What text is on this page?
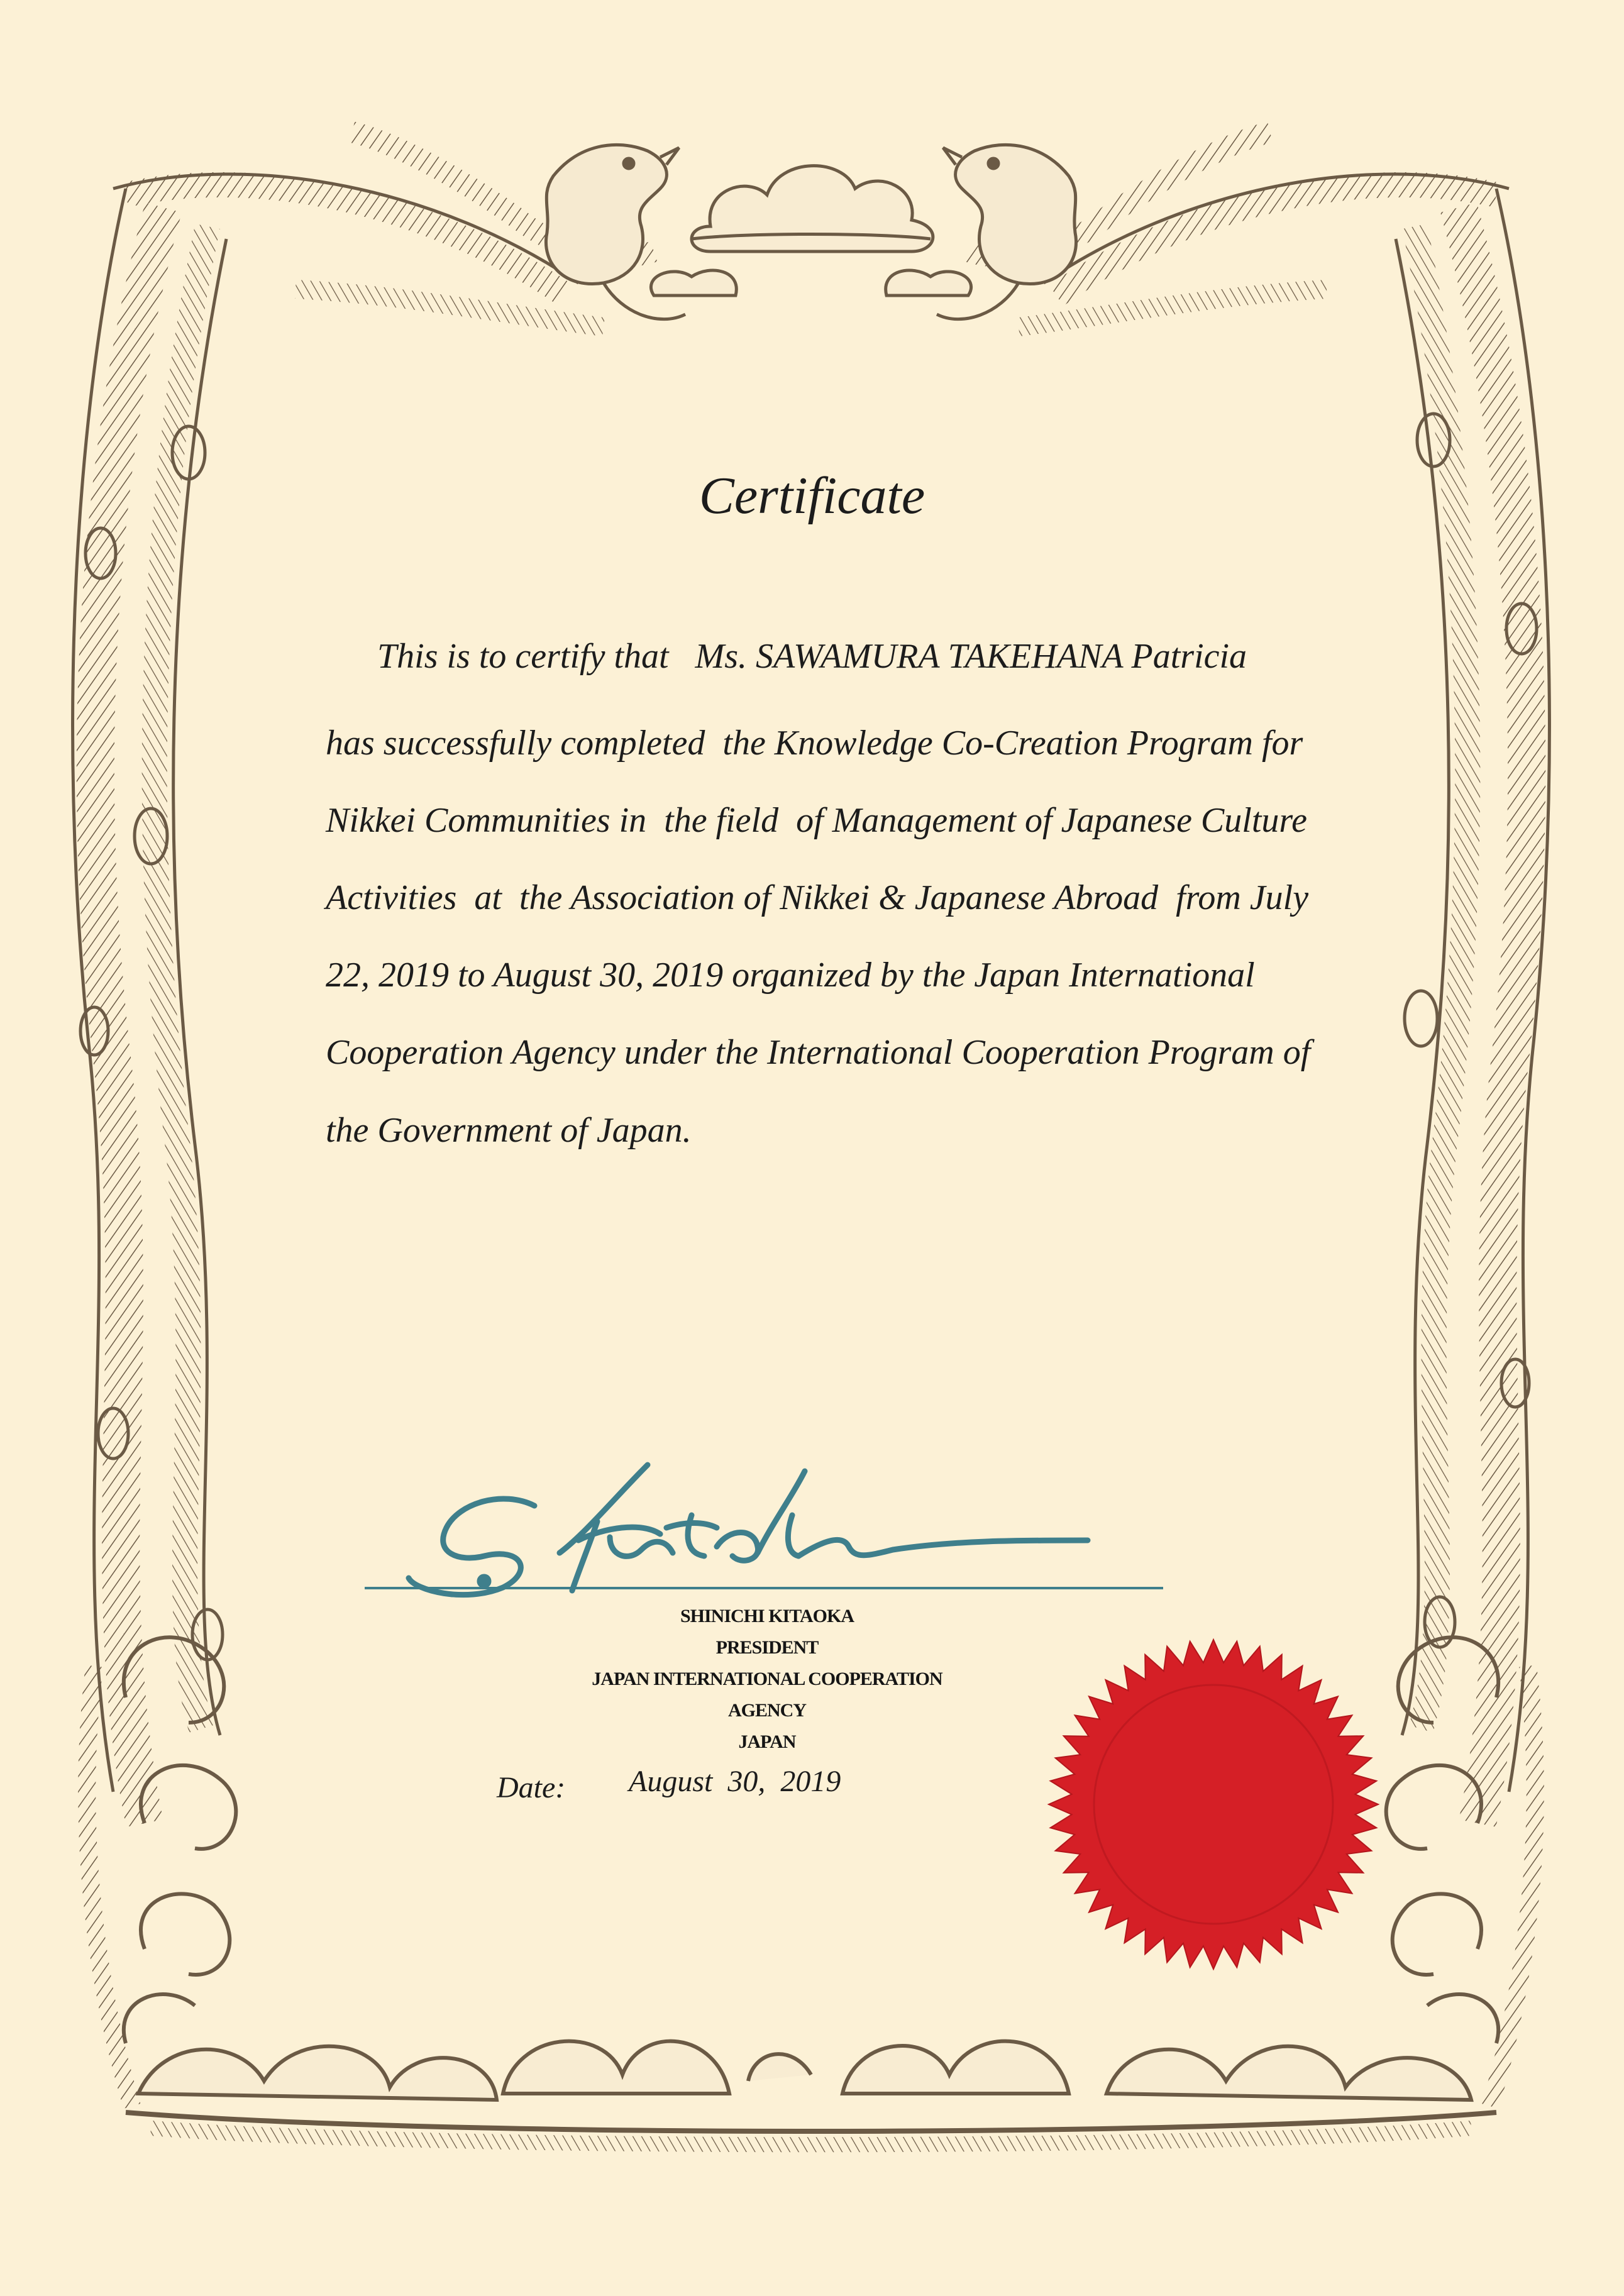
Certificate

This is to certify that   Ms. SAWAMURA TAKEHANA Patricia

has successfully completed  the Knowledge Co-Creation Program for

Nikkei Communities in  the field  of Management of Japanese Culture

Activities  at  the Association of Nikkei & Japanese Abroad  from July

22, 2019 to August 30, 2019 organized by the Japan International

Cooperation Agency under the International Cooperation Program of

the Government of Japan.

SHINICHI KITAOKA

PRESIDENT

JAPAN INTERNATIONAL COOPERATION

AGENCY

JAPAN

Date: August  30,  2019
